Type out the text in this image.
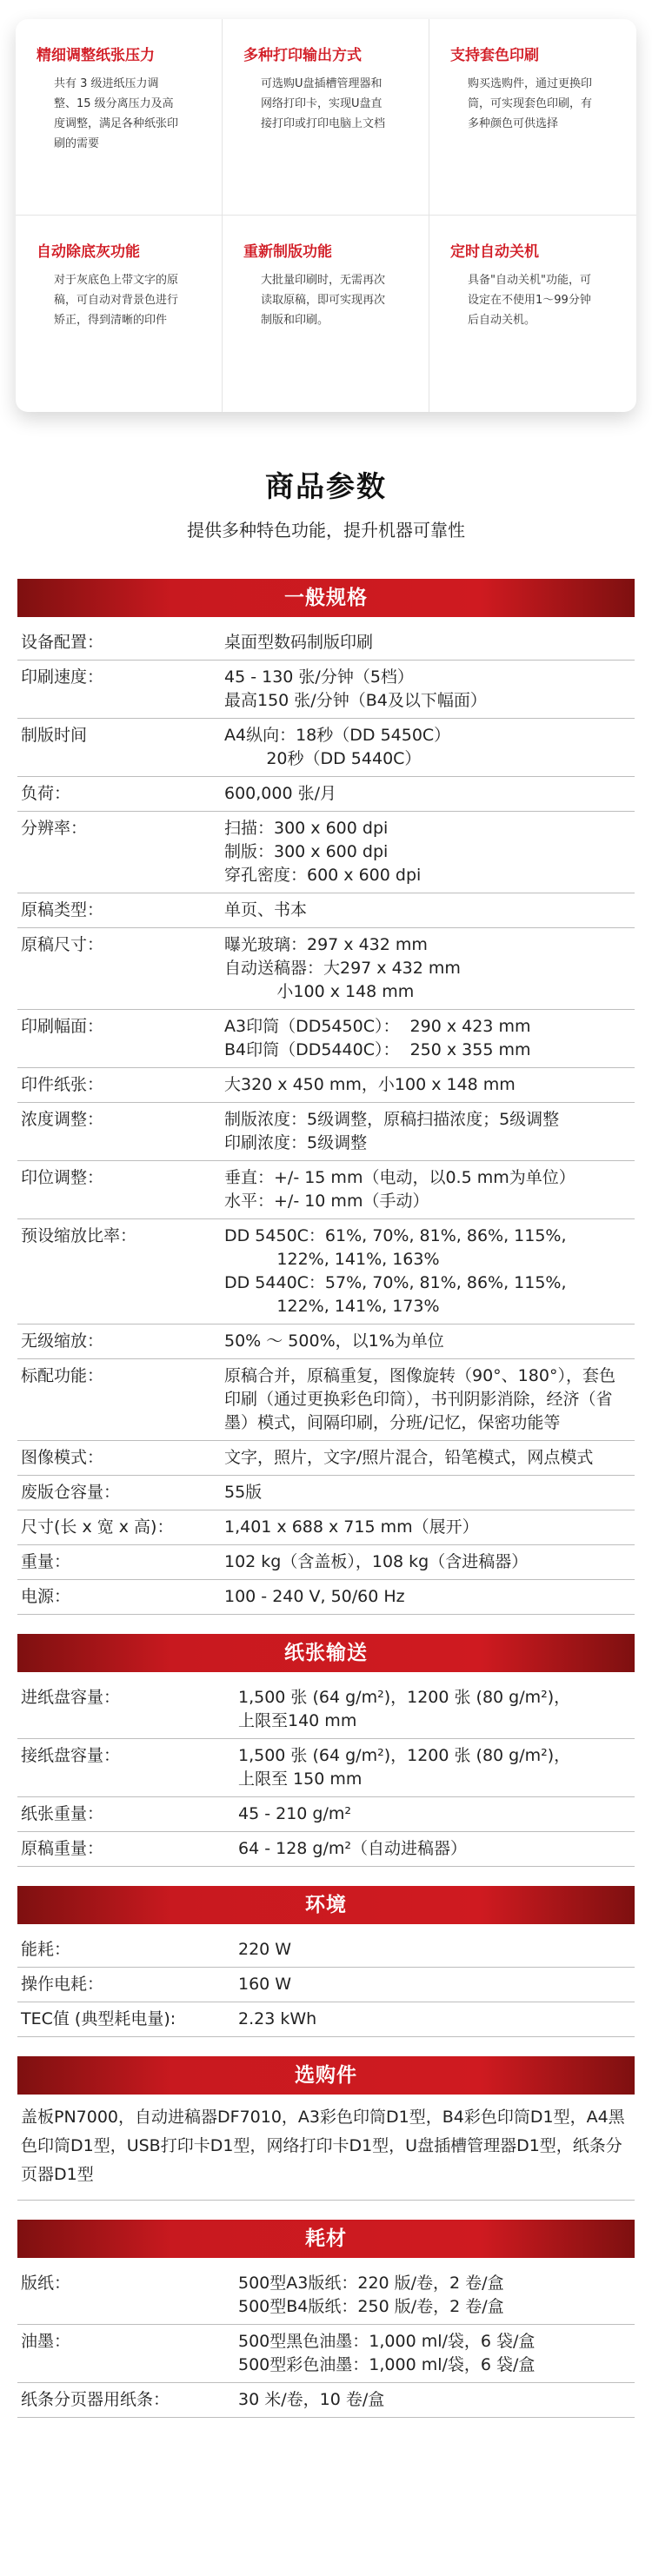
精细调整纸张压力
共有 3 级进纸压力调整、15 级分离压力及高度调整，满足各种纸张印刷的需要
多种打印输出方式
可选购U盘插槽管理器和网络打印卡，实现U盘直接打印或打印电脑上文档
支持套色印刷
购买选购件，通过更换印筒，可实现套色印刷，有多种颜色可供选择
自动除底灰功能
对于灰底色上带文字的原稿，可自动对背景色进行矫正，得到清晰的印件
重新制版功能
大批量印刷时，无需再次读取原稿，即可实现再次制版和印刷。
定时自动关机
具备"自动关机"功能，可设定在不使用1～99分钟后自动关机。
商品参数
提供多种特色功能，提升机器可靠性
一般规格
设备配置：	桌面型数码制版印刷
印刷速度：	45 - 130 张/分钟（5档）
最高150 张/分钟（B4及以下幅面）
制版时间	A4纵向：18秒（DD 5450C）
20秒（DD 5440C）
负荷：	600,000 张/月
分辨率：	扫描：300 x 600 dpi
制版：300 x 600 dpi
穿孔密度：600 x 600 dpi
原稿类型：	单页、书本
原稿尺寸：	曝光玻璃：297 x 432 mm
自动送稿器：大297 x 432 mm
小100 x 148 mm
印刷幅面：	A3印筒（DD5450C）：  290 x 423 mm
B4印筒（DD5440C）：  250 x 355 mm
印件纸张：	大320 x 450 mm，小100 x 148 mm
浓度调整：	制版浓度：5级调整，原稿扫描浓度；5级调整
印刷浓度：5级调整
印位调整：	垂直：+/- 15 mm（电动，以0.5 mm为单位）
水平：+/- 10 mm（手动）
预设缩放比率：	DD 5450C：61%, 70%, 81%, 86%, 115%,
122%, 141%, 163%
DD 5440C：57%, 70%, 81%, 86%, 115%,
122%, 141%, 173%
无级缩放：	50% ～ 500%，以1%为单位
标配功能：	原稿合并，原稿重复，图像旋转（90°、180°），套色印刷（通过更换彩色印筒），书刊阴影消除，经济（省墨）模式，间隔印刷，分班/记忆，保密功能等
图像模式：	文字，照片，文字/照片混合，铅笔模式，网点模式
废版仓容量：	55版
尺寸(长 x 宽 x 高)：	1,401 x 688 x 715 mm（展开）
重量：	102 kg（含盖板），108 kg（含进稿器）
电源：	100 - 240 V, 50/60 Hz
纸张输送
进纸盘容量：	1,500 张 (64 g/m²)，1200 张 (80 g/m²)，
上限至140 mm
接纸盘容量：	1,500 张 (64 g/m²)，1200 张 (80 g/m²)，
上限至 150 mm
纸张重量：	45 - 210 g/m²
原稿重量：	64 - 128 g/m²（自动进稿器）
环境
能耗：	220 W
操作电耗：	160 W
TEC值 (典型耗电量):	2.23 kWh
选购件
盖板PN7000，自动进稿器DF7010，A3彩色印筒D1型，B4彩色印筒D1型，A4黑色印筒D1型，USB打印卡D1型，网络打印卡D1型，U盘插槽管理器D1型，纸条分页器D1型
耗材
版纸：	500型A3版纸：220 版/卷，2 卷/盒
500型B4版纸：250 版/卷，2 卷/盒
油墨：	500型黑色油墨：1,000 ml/袋，6 袋/盒
500型彩色油墨：1,000 ml/袋，6 袋/盒
纸条分页器用纸条：	30 米/卷，10 卷/盒
